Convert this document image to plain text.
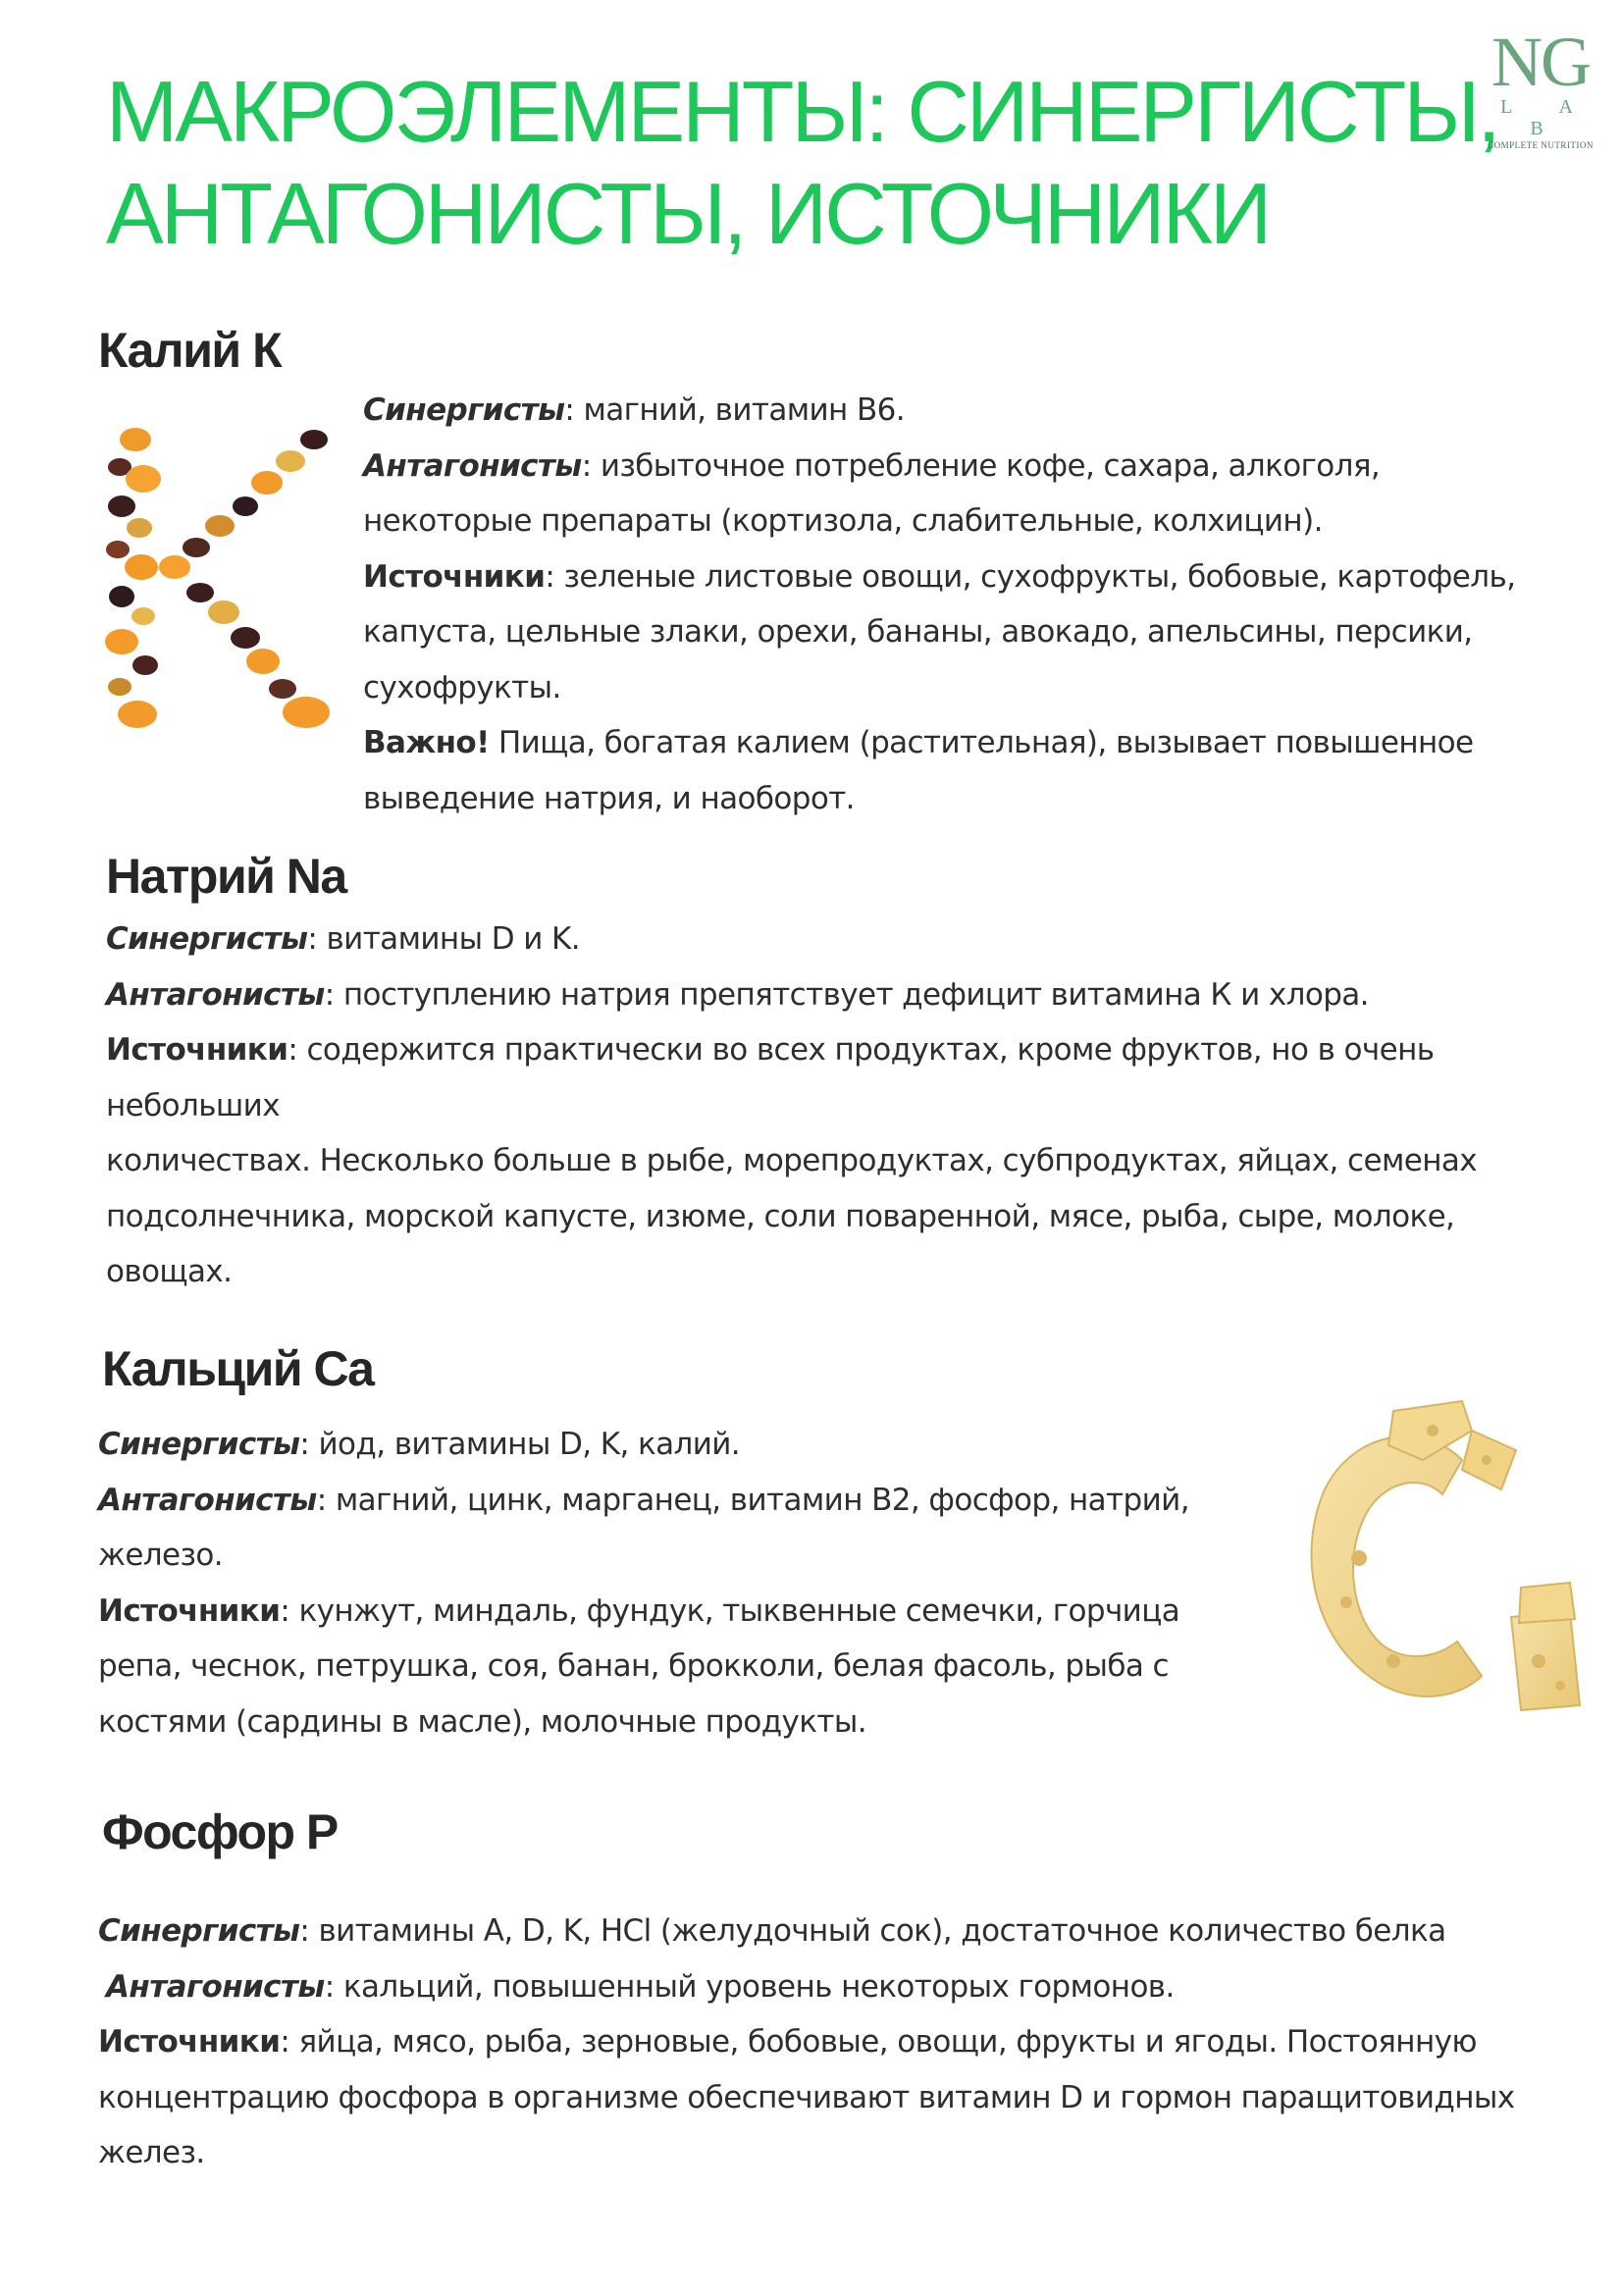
МАКРОЭЛЕМЕНТЫ: СИНЕРГИСТЫ,
АНТАГОНИСТЫ, ИСТОЧНИКИ
NG
L A B
COMPLETE NUTRITION
Калий К

Синергисты: магний, витамин В6.

Антагонисты: избыточное потребление кофе, сахара, алкоголя, некоторые препараты (кортизола, слабительные, колхицин).

Источники: зеленые листовые овощи, сухофрукты, бобовые, картофель, капуста, цельные злаки, орехи, бананы, авокадо, апельсины, персики, сухофрукты.

Важно! Пища, богатая калием (растительная), вызывает повышенное выведение натрия, и наоборот.

Натрий Na

Синергисты: витамины D и K.

Антагонисты: поступлению натрия препятствует дефицит витамина К и хлора.

Источники: содержится практически во всех продуктах, кроме фруктов, но в очень небольших

количествах. Несколько больше в рыбе, морепродуктах, субпродуктах, яйцах, семенах подсолнечника, морской капусте, изюме, соли поваренной, мясе, рыба, сыре, молоке, овощах.

Кальций Ca

Синергисты: йод, витамины D, K, калий.

Антагонисты: магний, цинк, марганец, витамин В2, фосфор, натрий, железо.

Источники: кунжут, миндаль, фундук, тыквенные семечки, горчица репа, чеснок, петрушка, соя, банан, брокколи, белая фасоль, рыба с костями (сардины в масле), молочные продукты.

Фосфор P

Синергисты: витамины А, D, K, HCl (желудочный сок), достаточное количество белка

Антагонисты: кальций, повышенный уровень некоторых гормонов.

Источники: яйца, мясо, рыба, зерновые, бобовые, овощи, фрукты и ягоды. Постоянную концентрацию фосфора в организме обеспечивают витамин D и гормон паращитовидных желез.
